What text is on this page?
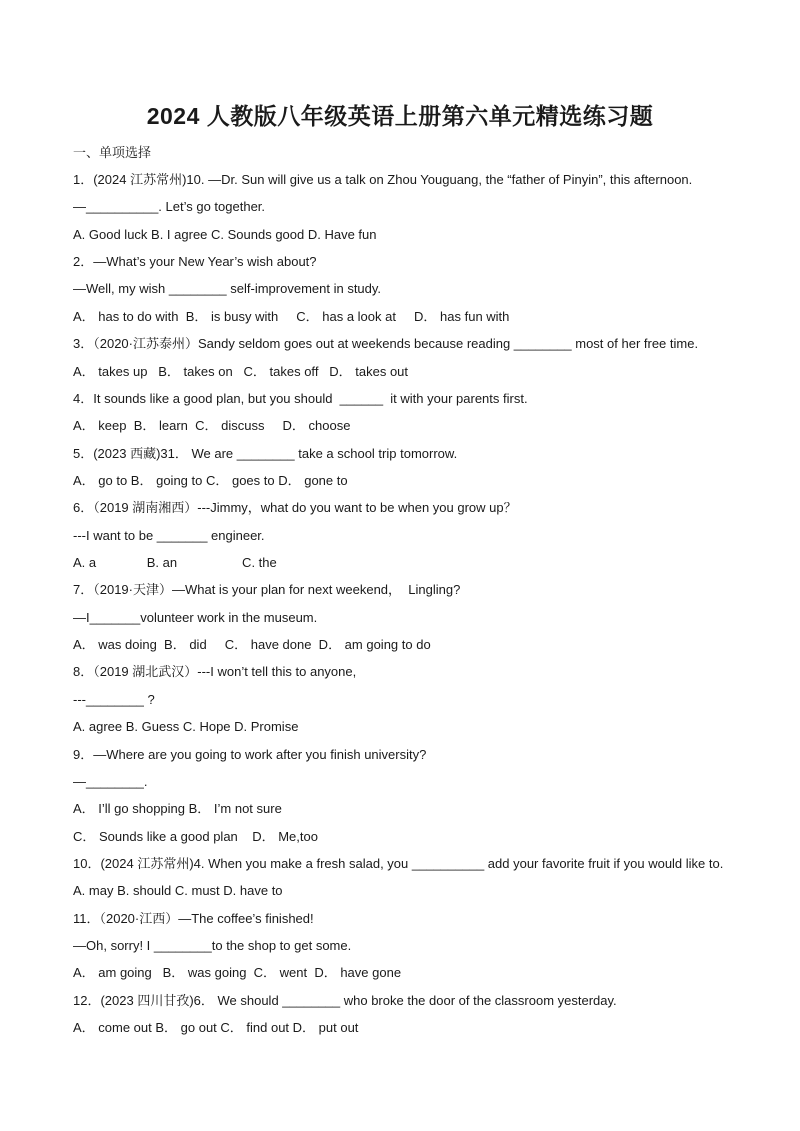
2024 人教版八年级英语上册第六单元精选练习题
一、单项选择
1．(2024 江苏常州)10. —Dr. Sun will give us a talk on Zhou Youguang, the “father of Pinyin”, this afternoon.
—__________. Let’s go together.
A. Good luck B. I agree C. Sounds good D. Have fun
2．—What’s your New Year’s wish about?
—Well, my wish ________ self-improvement in study.
A． has to do with  B． is busy with     C． has a look at     D． has fun with
3．（2020·江苏泰州）Sandy seldom goes out at weekends because reading ________ most of her free time.
A． takes up   B． takes on   C． takes off   D． takes out
4．It sounds like a good plan, but you should  ______  it with your parents first.
A． keep  B． learn  C． discuss     D． choose
5．(2023 西藏)31． We are ________ take a school trip tomorrow.
A． go to B． going to C． goes to D． gone to
6．（2019 湖南湘西）---Jimmy，what do you want to be when you grow up？
---I want to be _______ engineer.
A. a              B. an                  C. the
7．（2019·天津）—What is your plan for next weekend，  Lingling?
—I_______volunteer work in the museum.
A． was doing  B． did     C． have done  D． am going to do
8．（2019 湖北武汉）---I won’t tell this to anyone,
---________ ?
A. agree B. Guess C. Hope D. Promise
9．—Where are you going to work after you finish university?
—________.
A． I’ll go shopping B． I’m not sure
C． Sounds like a good plan    D． Me,too
10．(2024 江苏常州)4. When you make a fresh salad, you __________ add your favorite fruit if you would like to.
A. may B. should C. must D. have to
11．（2020·江西）—The coffee’s finished!
—Oh, sorry! I ________to the shop to get some.
A． am going   B． was going  C． went  D． have gone
12．(2023 四川甘孜)6． We should ________ who broke the door of the classroom yesterday.
A． come out B． go out C． find out D． put out
